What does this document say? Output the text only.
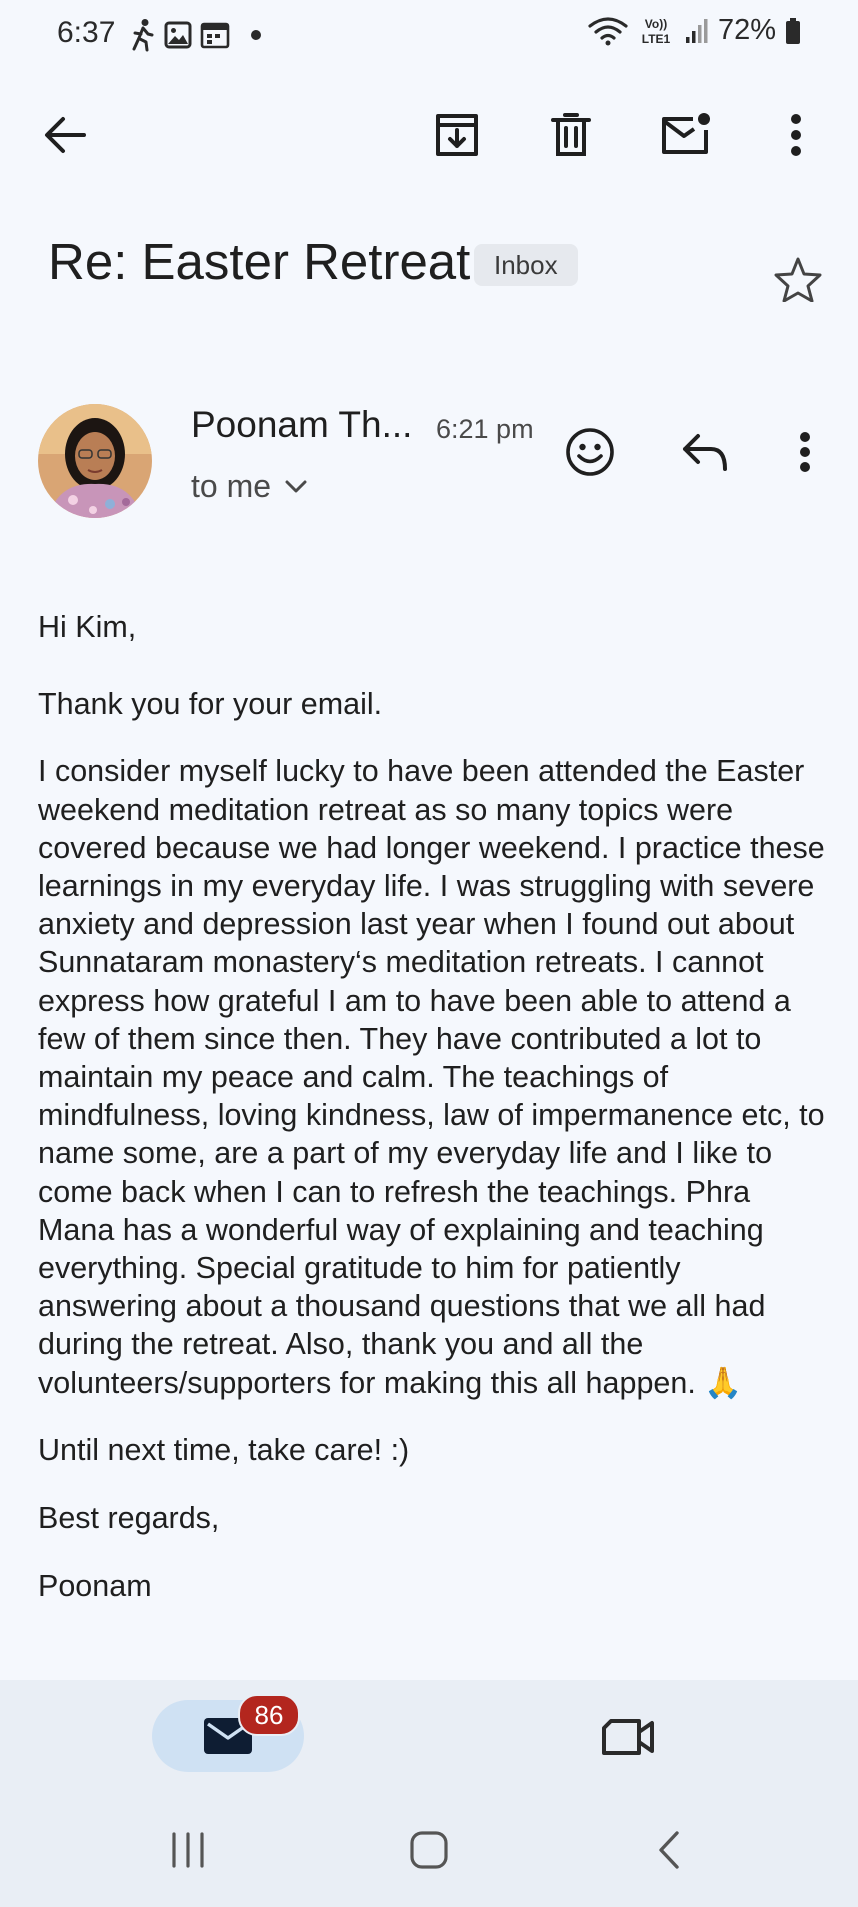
6:37	Vo))
LTE1 72%
Re: Easter Retreat Inbox
Poonam Th... 6:21 pm
to me

Hi Kim,

Thank you for your email.

I consider myself lucky to have been attended the Easter weekend meditation retreat as so many topics were covered because we had longer weekend. I practice these learnings in my everyday life. I was struggling with severe anxiety and depression last year when I found out about Sunnataram monastery‘s meditation retreats. I cannot express how grateful I am to have been able to attend a few of them since then. They have contributed a lot to maintain my peace and calm. The teachings of mindfulness, loving kindness, law of impermanence etc, to name some, are a part of my everyday life and I like to come back when I can to refresh the teachings. Phra Mana has a wonderful way of explaining and teaching everything. Special gratitude to him for patiently answering about a thousand questions that we all had during the retreat. Also, thank you and all the volunteers/supporters for making this all happen. 🙏

Until next time, take care! :)

Best regards,

Poonam

86
